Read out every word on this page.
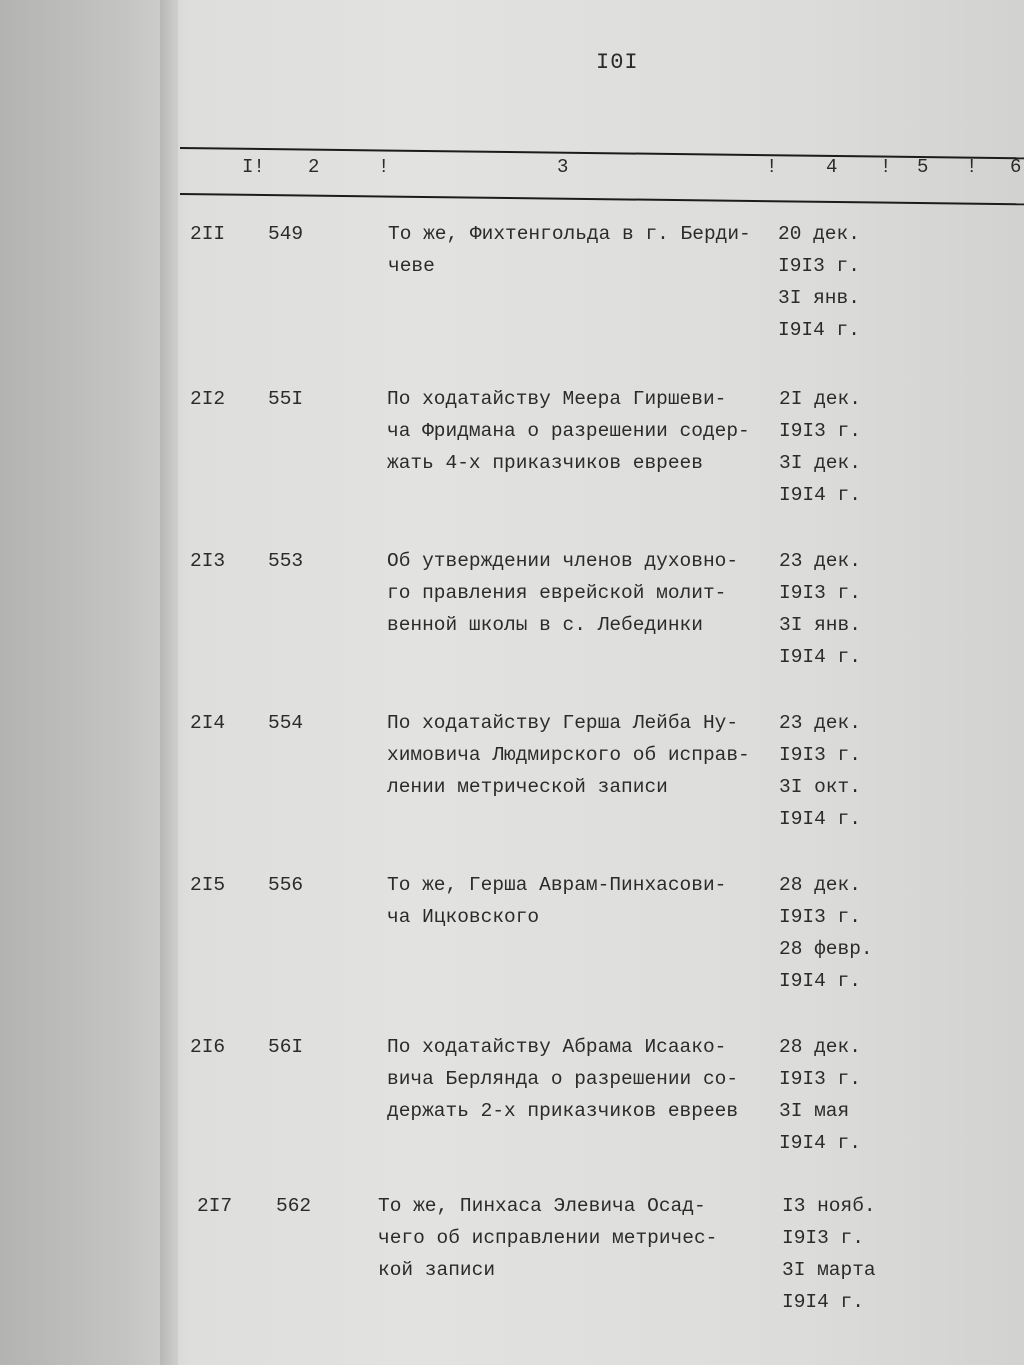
I0I
I! 2	!	3	!	4 ! 5 ! 6
2II 549	То же, Фихтенгольда в г. Берди-
чеве
20 дек.
I9I3 г.
3I янв.
I9I4 г.
2I2 55I	По ходатайству Меера Гиршеви-
ча Фридмана о разрешении содер-
жать 4-х приказчиков евреев
2I дек.
I9I3 г.
3I дек.
I9I4 г.
2I3 553	Об утверждении членов духовно-
го правления еврейской молит-
венной школы в с. Лебединки
23 дек.
I9I3 г.
3I янв.
I9I4 г.
2I4 554	По ходатайству Герша Лейба Ну-
химовича Людмирского об исправ-
лении метрической записи
23 дек.
I9I3 г.
3I окт.
I9I4 г.
2I5 556	То же, Герша Аврам-Пинхасови-
ча Ицковского
28 дек.
I9I3 г.
28 февр.
I9I4 г.
2I6 56I	По ходатайству Абрама Исаако-
вича Берлянда о разрешении со-
держать 2-х приказчиков евреев
28 дек.
I9I3 г.
3I мая
I9I4 г.
2I7 562	То же, Пинхаса Элевича Осад-
чего об исправлении метричес-
кой записи
I3 нояб.
I9I3 г.
3I марта
I9I4 г.
